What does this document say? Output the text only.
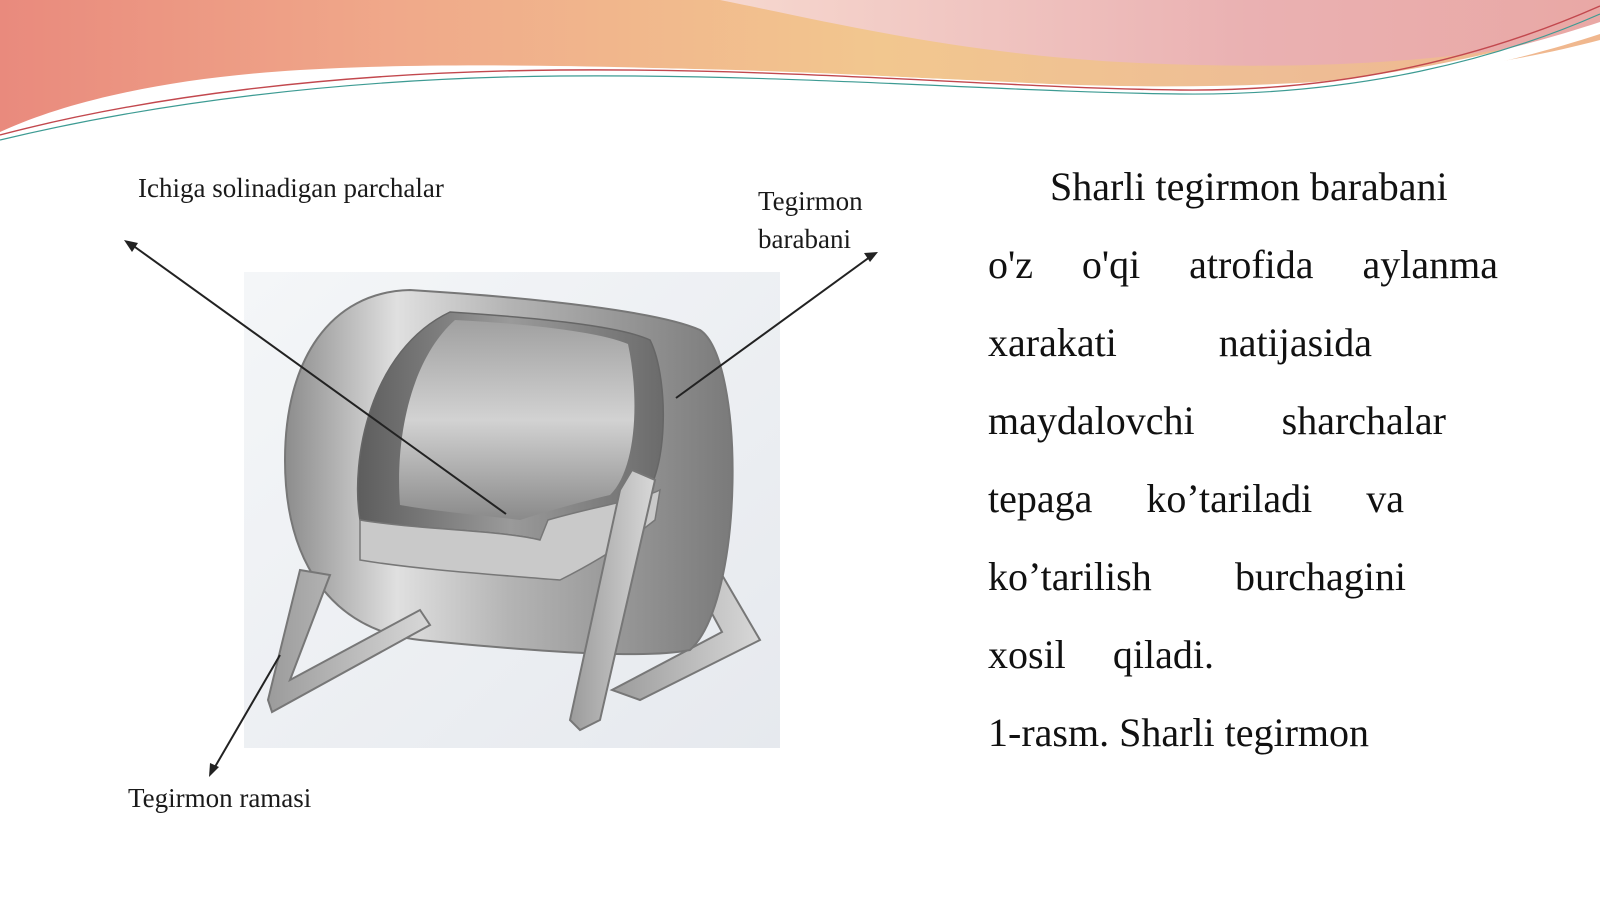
Ichiga solinadigan parchalar	Tegirmon
barabani
Tegirmon ramasi
Sharli tegirmon barabani
o'z o'qi atrofida aylanma
xarakati	natijasida
maydalovchi sharchalar
tepaga ko’tariladi va
ko’tarilish burchagini
xosil qiladi.
1-rasm. Sharli tegirmon
